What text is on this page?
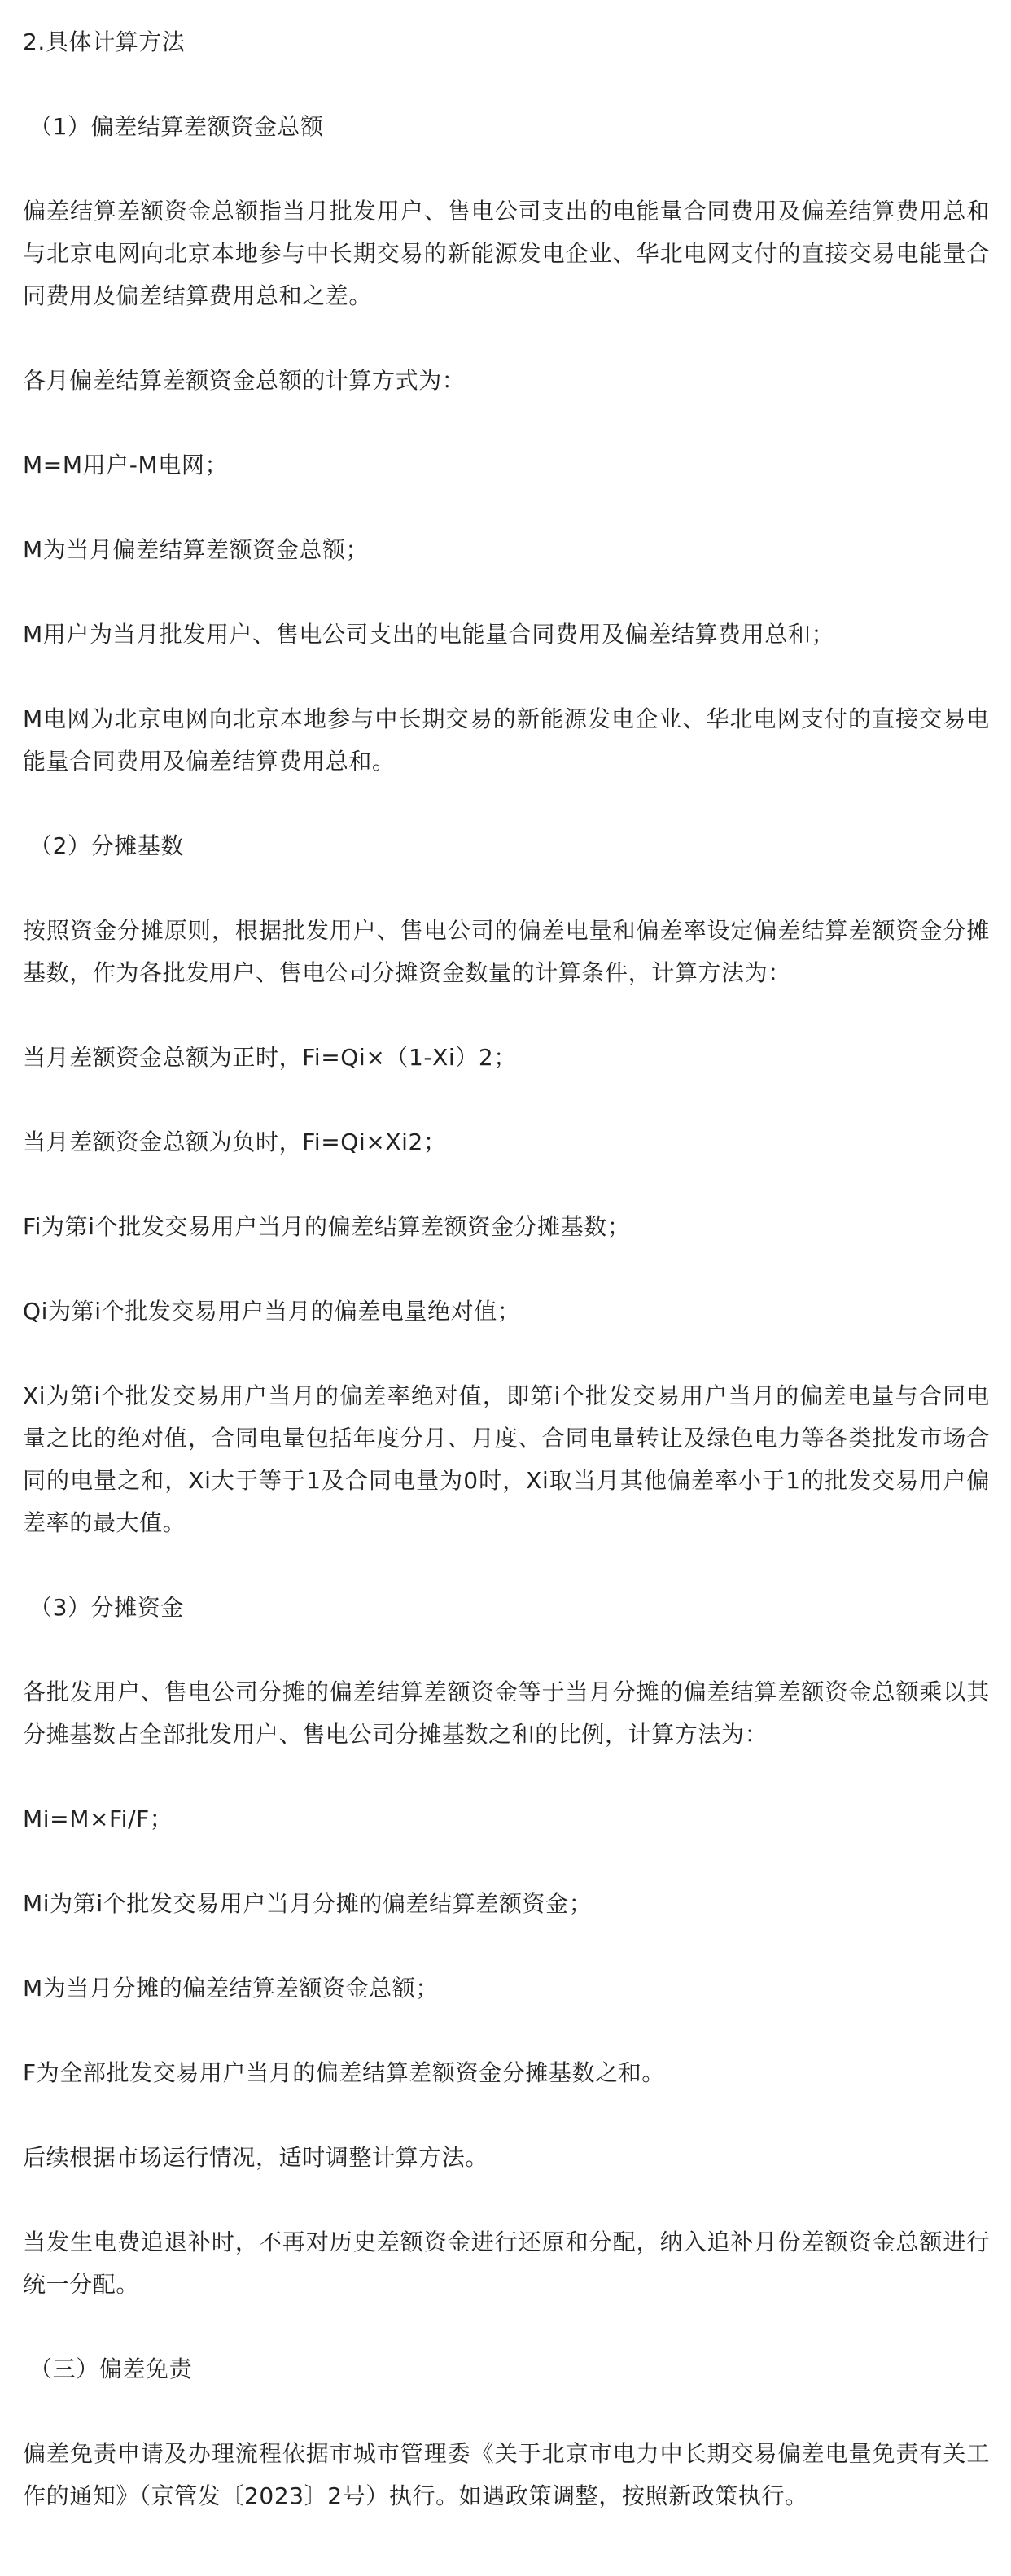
2.具体计算方法

（1）偏差结算差额资金总额

偏差结算差额资金总额指当月批发用户、售电公司支出的电能量合同费用及偏差结算费用总和与北京电网向北京本地参与中长期交易的新能源发电企业、华北电网支付的直接交易电能量合同费用及偏差结算费用总和之差。

各月偏差结算差额资金总额的计算方式为：

M=M用户-M电网；

M为当月偏差结算差额资金总额；

M用户为当月批发用户、售电公司支出的电能量合同费用及偏差结算费用总和；

M电网为北京电网向北京本地参与中长期交易的新能源发电企业、华北电网支付的直接交易电能量合同费用及偏差结算费用总和。

（2）分摊基数

按照资金分摊原则，根据批发用户、售电公司的偏差电量和偏差率设定偏差结算差额资金分摊基数，作为各批发用户、售电公司分摊资金数量的计算条件，计算方法为：

当月差额资金总额为正时，Fi=Qi×（1-Xi）2；

当月差额资金总额为负时，Fi=Qi×Xi2；

Fi为第i个批发交易用户当月的偏差结算差额资金分摊基数；

Qi为第i个批发交易用户当月的偏差电量绝对值；

Xi为第i个批发交易用户当月的偏差率绝对值，即第i个批发交易用户当月的偏差电量与合同电量之比的绝对值，合同电量包括年度分月、月度、合同电量转让及绿色电力等各类批发市场合同的电量之和，Xi大于等于1及合同电量为0时，Xi取当月其他偏差率小于1的批发交易用户偏差率的最大值。

（3）分摊资金

各批发用户、售电公司分摊的偏差结算差额资金等于当月分摊的偏差结算差额资金总额乘以其分摊基数占全部批发用户、售电公司分摊基数之和的比例，计算方法为：

Mi=M×Fi/F；

Mi为第i个批发交易用户当月分摊的偏差结算差额资金；

M为当月分摊的偏差结算差额资金总额；

F为全部批发交易用户当月的偏差结算差额资金分摊基数之和。

后续根据市场运行情况，适时调整计算方法。

当发生电费追退补时，不再对历史差额资金进行还原和分配，纳入追补月份差额资金总额进行统一分配。

（三）偏差免责

偏差免责申请及办理流程依据市城市管理委《关于北京市电力中长期交易偏差电量免责有关工作的通知》（京管发〔2023〕2号）执行。如遇政策调整，按照新政策执行。
